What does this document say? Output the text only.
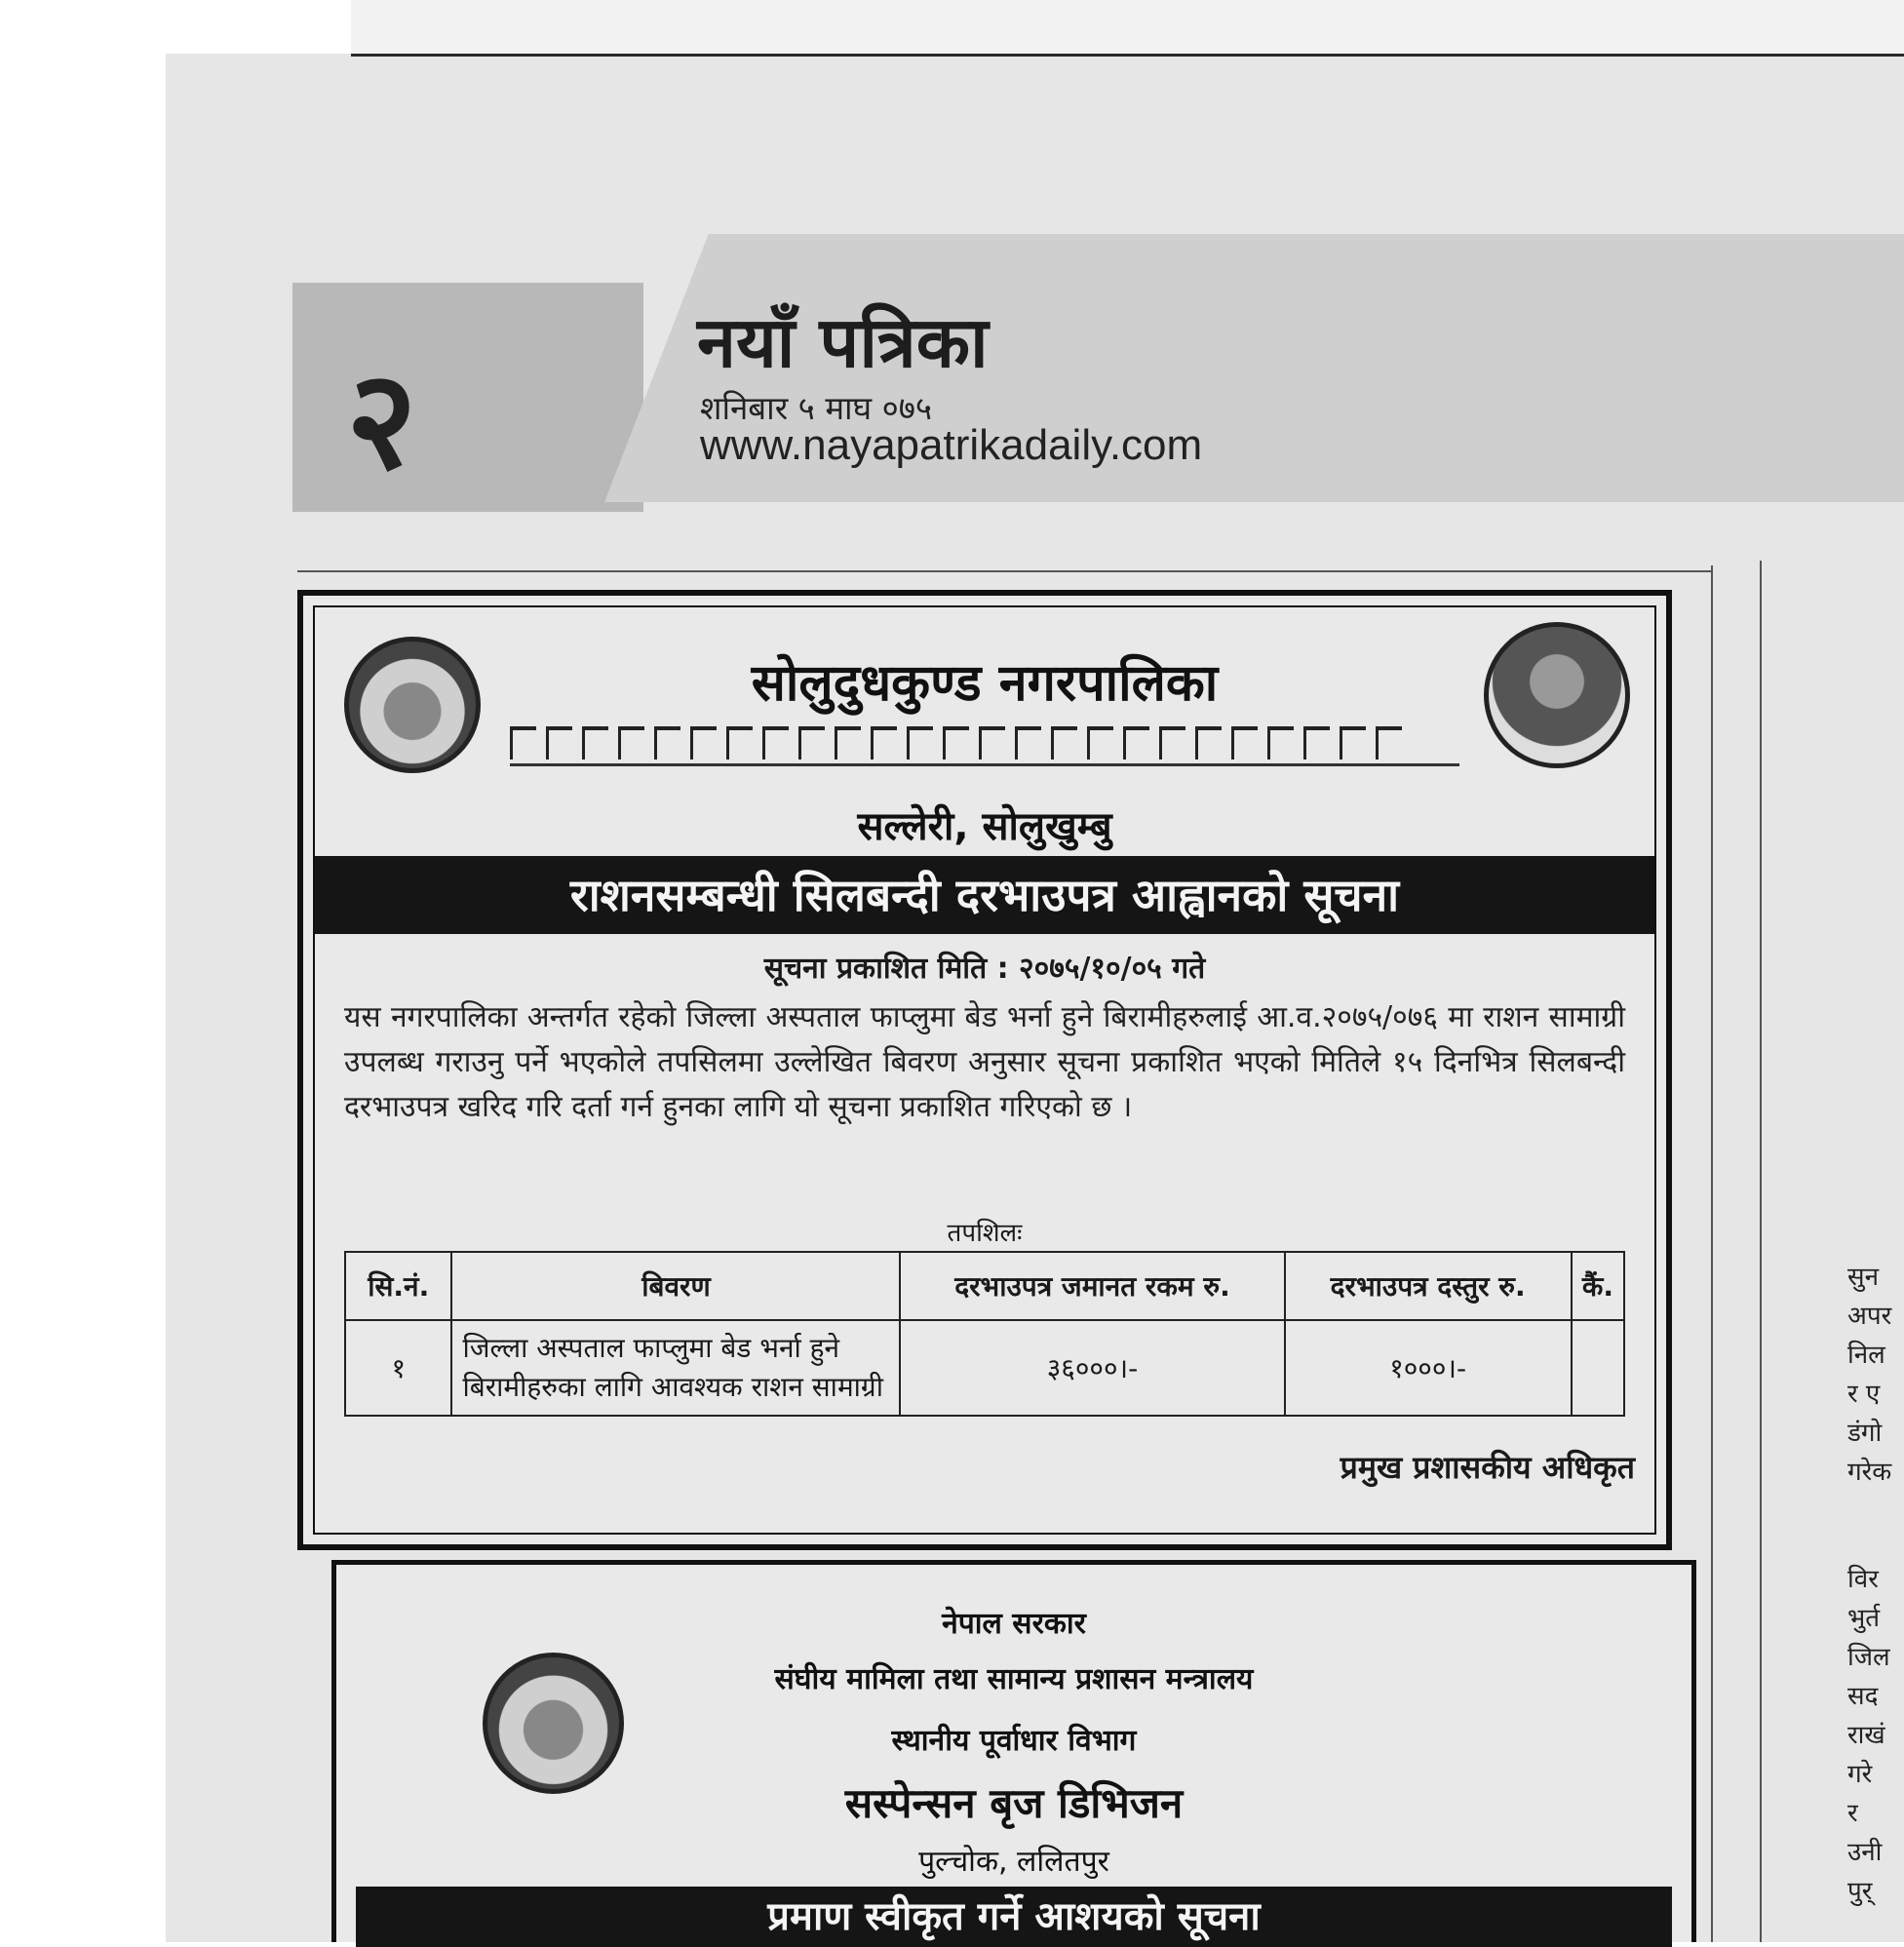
२	नयाँ पत्रिका
शनिबार ५ माघ ०७५
www.nayapatrikadaily.com
सोलुदुधकुण्ड नगरपालिका
सल्लेरी, सोलुखुम्बु
राशनसम्बन्धी सिलबन्दी दरभाउपत्र आह्वानको सूचना
सूचना प्रकाशित मिति : २०७५/१०/०५ गते
यस नगरपालिका अन्तर्गत रहेको जिल्ला अस्पताल फाप्लुमा बेड भर्ना हुने बिरामीहरुलाई आ.व.२०७५/०७६ मा राशन सामाग्री उपलब्ध गराउनु पर्ने भएकोले तपसिलमा उल्लेखित बिवरण अनुसार सूचना प्रकाशित भएको मितिले १५ दिनभित्र सिलबन्दी दरभाउपत्र खरिद गरि दर्ता गर्न हुनका लागि यो सूचना प्रकाशित गरिएको छ ।
तपशिलः
सि.नं.	बिवरण	दरभाउपत्र जमानत रकम रु.	दरभाउपत्र दस्तुर रु.	कैं.
१	जिल्ला अस्पताल फाप्लुमा बेड भर्ना हुने बिरामीहरुका लागि आवश्यक राशन सामाग्री	३६०००।-	१०००।-	
प्रमुख प्रशासकीय अधिकृत
नेपाल सरकार
संघीय मामिला तथा सामान्य प्रशासन मन्त्रालय
स्थानीय पूर्वाधार विभाग
सस्पेन्सन बृज डिभिजन
पुल्चोक, ललितपुर
प्रमाण स्वीकृत गर्ने आशयको सूचना
सुन
अपर
निल
र ए
डंगो
गरेक
विर
भुर्त
जिल
सद
राखं
गरे
र
उनी
पुर्
